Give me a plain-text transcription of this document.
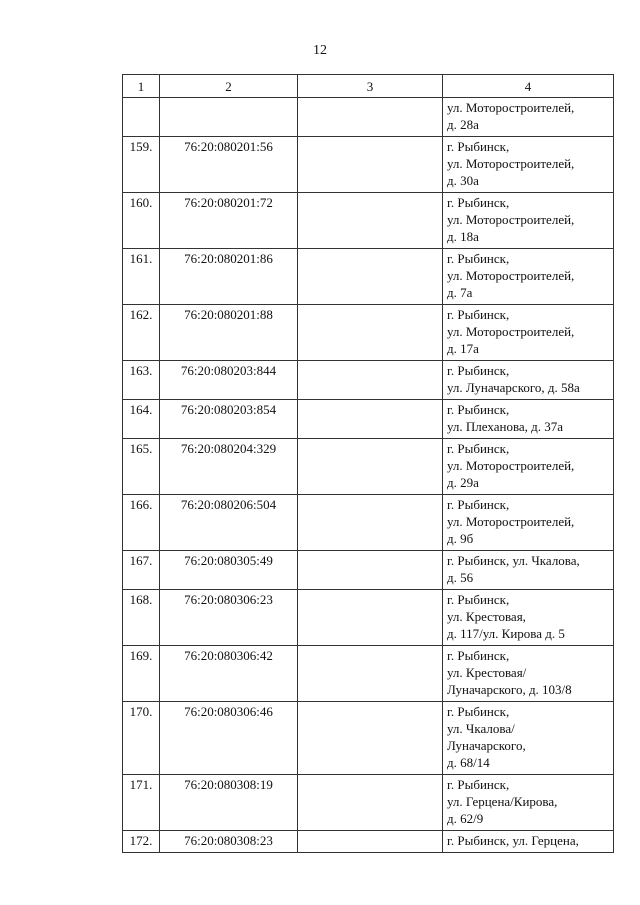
12
1	2	3	4

			ул. Моторостроителей,
д. 28а

159.	76:20:080201:56		г. Рыбинск,
ул. Моторостроителей,
д. 30а

160.	76:20:080201:72		г. Рыбинск,
ул. Моторостроителей,
д. 18а

161.	76:20:080201:86		г. Рыбинск,
ул. Моторостроителей,
д. 7а

162.	76:20:080201:88		г. Рыбинск,
ул. Моторостроителей,
д. 17а

163.	76:20:080203:844		г. Рыбинск,
ул. Луначарского, д. 58а

164.	76:20:080203:854		г. Рыбинск,
ул. Плеханова, д. 37а

165.	76:20:080204:329		г. Рыбинск,
ул. Моторостроителей,
д. 29а

166.	76:20:080206:504		г. Рыбинск,
ул. Моторостроителей,
д. 9б

167.	76:20:080305:49		г. Рыбинск, ул. Чкалова,
д. 56

168.	76:20:080306:23		г. Рыбинск,
ул. Крестовая,
д. 117/ул. Кирова д. 5

169.	76:20:080306:42		г. Рыбинск,
ул. Крестовая/
Луначарского, д. 103/8

170.	76:20:080306:46		г. Рыбинск,
ул. Чкалова/
Луначарского,
д. 68/14

171.	76:20:080308:19		г. Рыбинск,
ул. Герцена/Кирова,
д. 62/9

172.	76:20:080308:23		г. Рыбинск, ул. Герцена,
